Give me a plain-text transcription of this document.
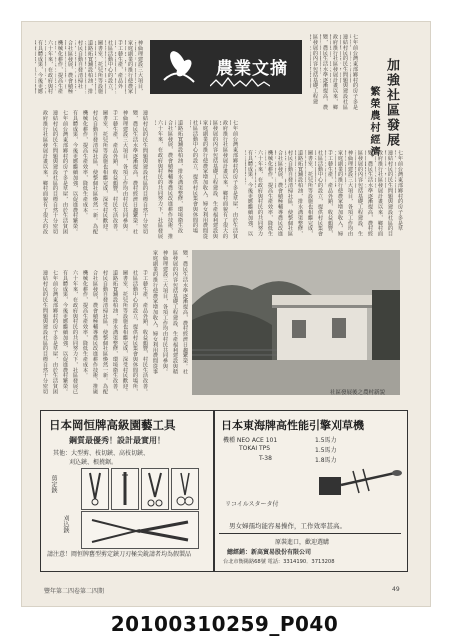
加強社區發展
繁榮農村經濟
七年前台灣東部鄉村的房子多是
連結村民的民生問題與建設社區
政府推行社區發展計畫以來，鄉
變，農民生活水準逐漸提高，農
區發展的內容包括基礎工程建
神倫理建設三大項目，
家庭副業的推行使農家
手工藝生產，產品外
社區活動中心的設立，
圖書室、托兒所等設施
道路拓寬舖設柏油，排
村民自動自發清掃社
合社區發展，農會積極
機械化耕作，提高生產
六十年來，在政府與村
有具體成果，今後更應
農業文摘
七年前台灣東部鄉村的房子多是草
連結村民的民生問題與建設社區的目
政府推行社區發展計畫以來，鄉村面
變，農民生活水準逐漸提高，農村經
區發展的內容包括基礎工程建設、生
神倫理建設三大項目，各項工作均由
家庭副業的推行使農家增加收入，婦
手工藝生產，產品外銷，收益頗豐，
社區活動中心的設立，提供村民集會
圖書室、托兒所等設施也相繼完成，
道路拓寬舖設柏油，排水溝渠整修，
村民自動自發清掃社區，使整個社區
合社區發展，農會積極輔導農民改進
機械化耕作，提高生產效率，降低生
六十年來，在政府與村民的共同努力
有具體成果，今後更應繼續加強，以
七年前台灣東部鄉村的房子多是草屋，由於生活貧
政府推行社區發展計畫以來，鄉村面貌有了很大的
區發展的內容包括基礎工程建設、生產福利建設與
家庭副業的推行使農家增加收入，婦女利用農閒從
社區活動中心的設立，提供村民集會與休閒的場
道路拓寬舖設柏油，排水溝渠整修，環境衛生改
合社區發展，農會積極輔導農民改進耕作技術，推
六十年來，在政府與村民的共同努力下，社區發展
連結村民的民生問題與建設社區的目標自然十分密切
變，農民生活水準逐漸提高，農村經濟日趨繁榮。社
神倫理建設三大項目，各項工作均由村民共同參與。
手工藝生產，產品外銷，收益頗豐，村民生活改善。
圖書室、托兒所等設施也相繼完成，深受村民歡迎。
村民自動自發清掃社區，使整個社區煥然一新。為配
機械化耕作，提高生產效率，降低生產成本。
有具體成果，今後更應繼續加強，以促進農村繁榮。
七年前台灣東部鄉村的房子多是草屋，由於生活貧困
連結村民的民生問題與建設社區的目標自然十分密切
政府推行社區發展計畫以來，鄉村面貌有了很大的改
變，農民生活水準逐漸提高，農村經濟日趨繁榮。社
區發展的內容包括基礎工程建設、生產福利建設與精
神倫理建設三大項目，各項工作均由村民共同參與。
家庭副業的推行使農家增加收入，婦女利用農閒從事
手工藝生產，產品外銷，收益頗豐，村民生活改善。
社區活動中心的設立，提供村民集會與休閒的場所，
圖書室、托兒所等設施也相繼完成，深受村民歡迎。
道路拓寬舖設柏油，排水溝渠整修，環境衛生改善，
村民自動自發清掃社區，使整個社區煥然一新。為配
合社區發展，農會積極輔導農民改進耕作技術，推廣
機械化耕作，提高生產效率，降低生產成本。
六十年來，在政府與村民的共同努力下，社區發展已
有具體成果，今後更應繼續加強，以促進農村繁榮。
七年前台灣東部鄉村的房子多是草屋，由於生活貧困
連結村民的民生問題與建設社區的目標自然十分密切	社區發展後之農村新貌
日本岡恒牌高級園藝工具
鋼質最優秀！設計最實用！
其他：大型剪、枝切鋏、高枝切鋏、
刈込鋏、根撓鋸。
剪定鋏
刈込鋏
請注意！岡恒牌舊型剪定鋏刀刃極尖銳請者均為假製品
日本東海牌高性能引擎刈草機
機種 NEO ACE 101	1.5馬力
TOKAI TPS	1.5馬力
T-38	1.8馬力
リコイルスタータ付
男女婦孺均能容易操作，工作效率甚高。
原裝進口，歡迎選購
總經銷：新高貿易股份有限公司
台北市衡陽路68號 電話：3314190．3713208
豐年第二四卷第二四期	49
20100310259_P040
